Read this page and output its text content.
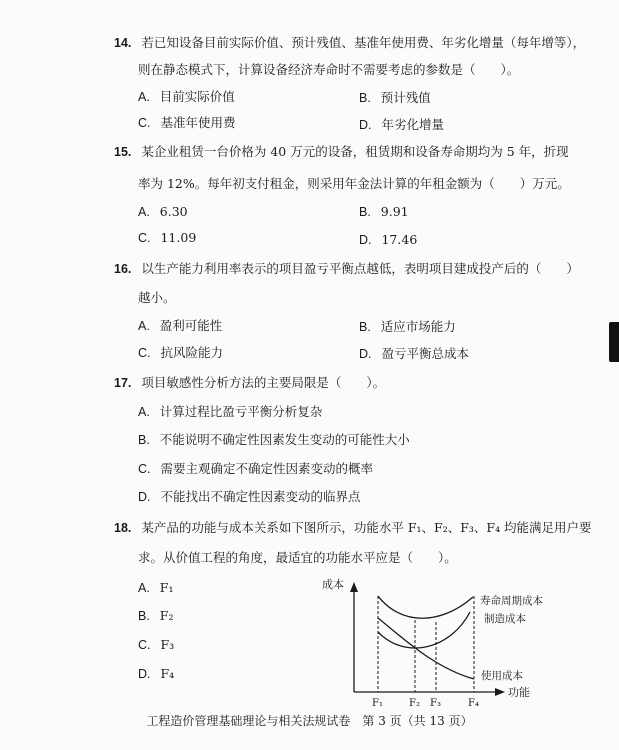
14. 若已知设备目前实际价值、预计残值、基准年使用费、年劣化增量（每年增等），
则在静态模式下，计算设备经济寿命时不需要考虑的参数是（　　）。
A. 目前实际价值	B. 预计残值
C. 基准年使用费	D. 年劣化增量
15. 某企业租赁一台价格为 40 万元的设备，租赁期和设备寿命期均为 5 年，折现
率为 12%。每年初支付租金，则采用年金法计算的年租金额为（　　）万元。
A. 6.30	B. 9.91
C. 11.09	D. 17.46
16. 以生产能力利用率表示的项目盈亏平衡点越低，表明项目建成投产后的（　　）
越小。
A. 盈利可能性	B. 适应市场能力
C. 抗风险能力	D. 盈亏平衡总成本
17. 项目敏感性分析方法的主要局限是（　　）。
A. 计算过程比盈亏平衡分析复杂
B. 不能说明不确定性因素发生变动的可能性大小
C. 需要主观确定不确定性因素变动的概率
D. 不能找出不确定性因素变动的临界点
18. 某产品的功能与成本关系如下图所示，功能水平 F₁、F₂、F₃、F₄ 均能满足用户要
求。从价值工程的角度，最适宜的功能水平应是（　　）。
A. F₁
B. F₂
C. F₃
D. F₄
成本
功能
寿命周期成本
制造成本
使用成本
F₁	F₂ F₃	F₄
工程造价管理基础理论与相关法规试卷　第 3 页（共 13 页）
